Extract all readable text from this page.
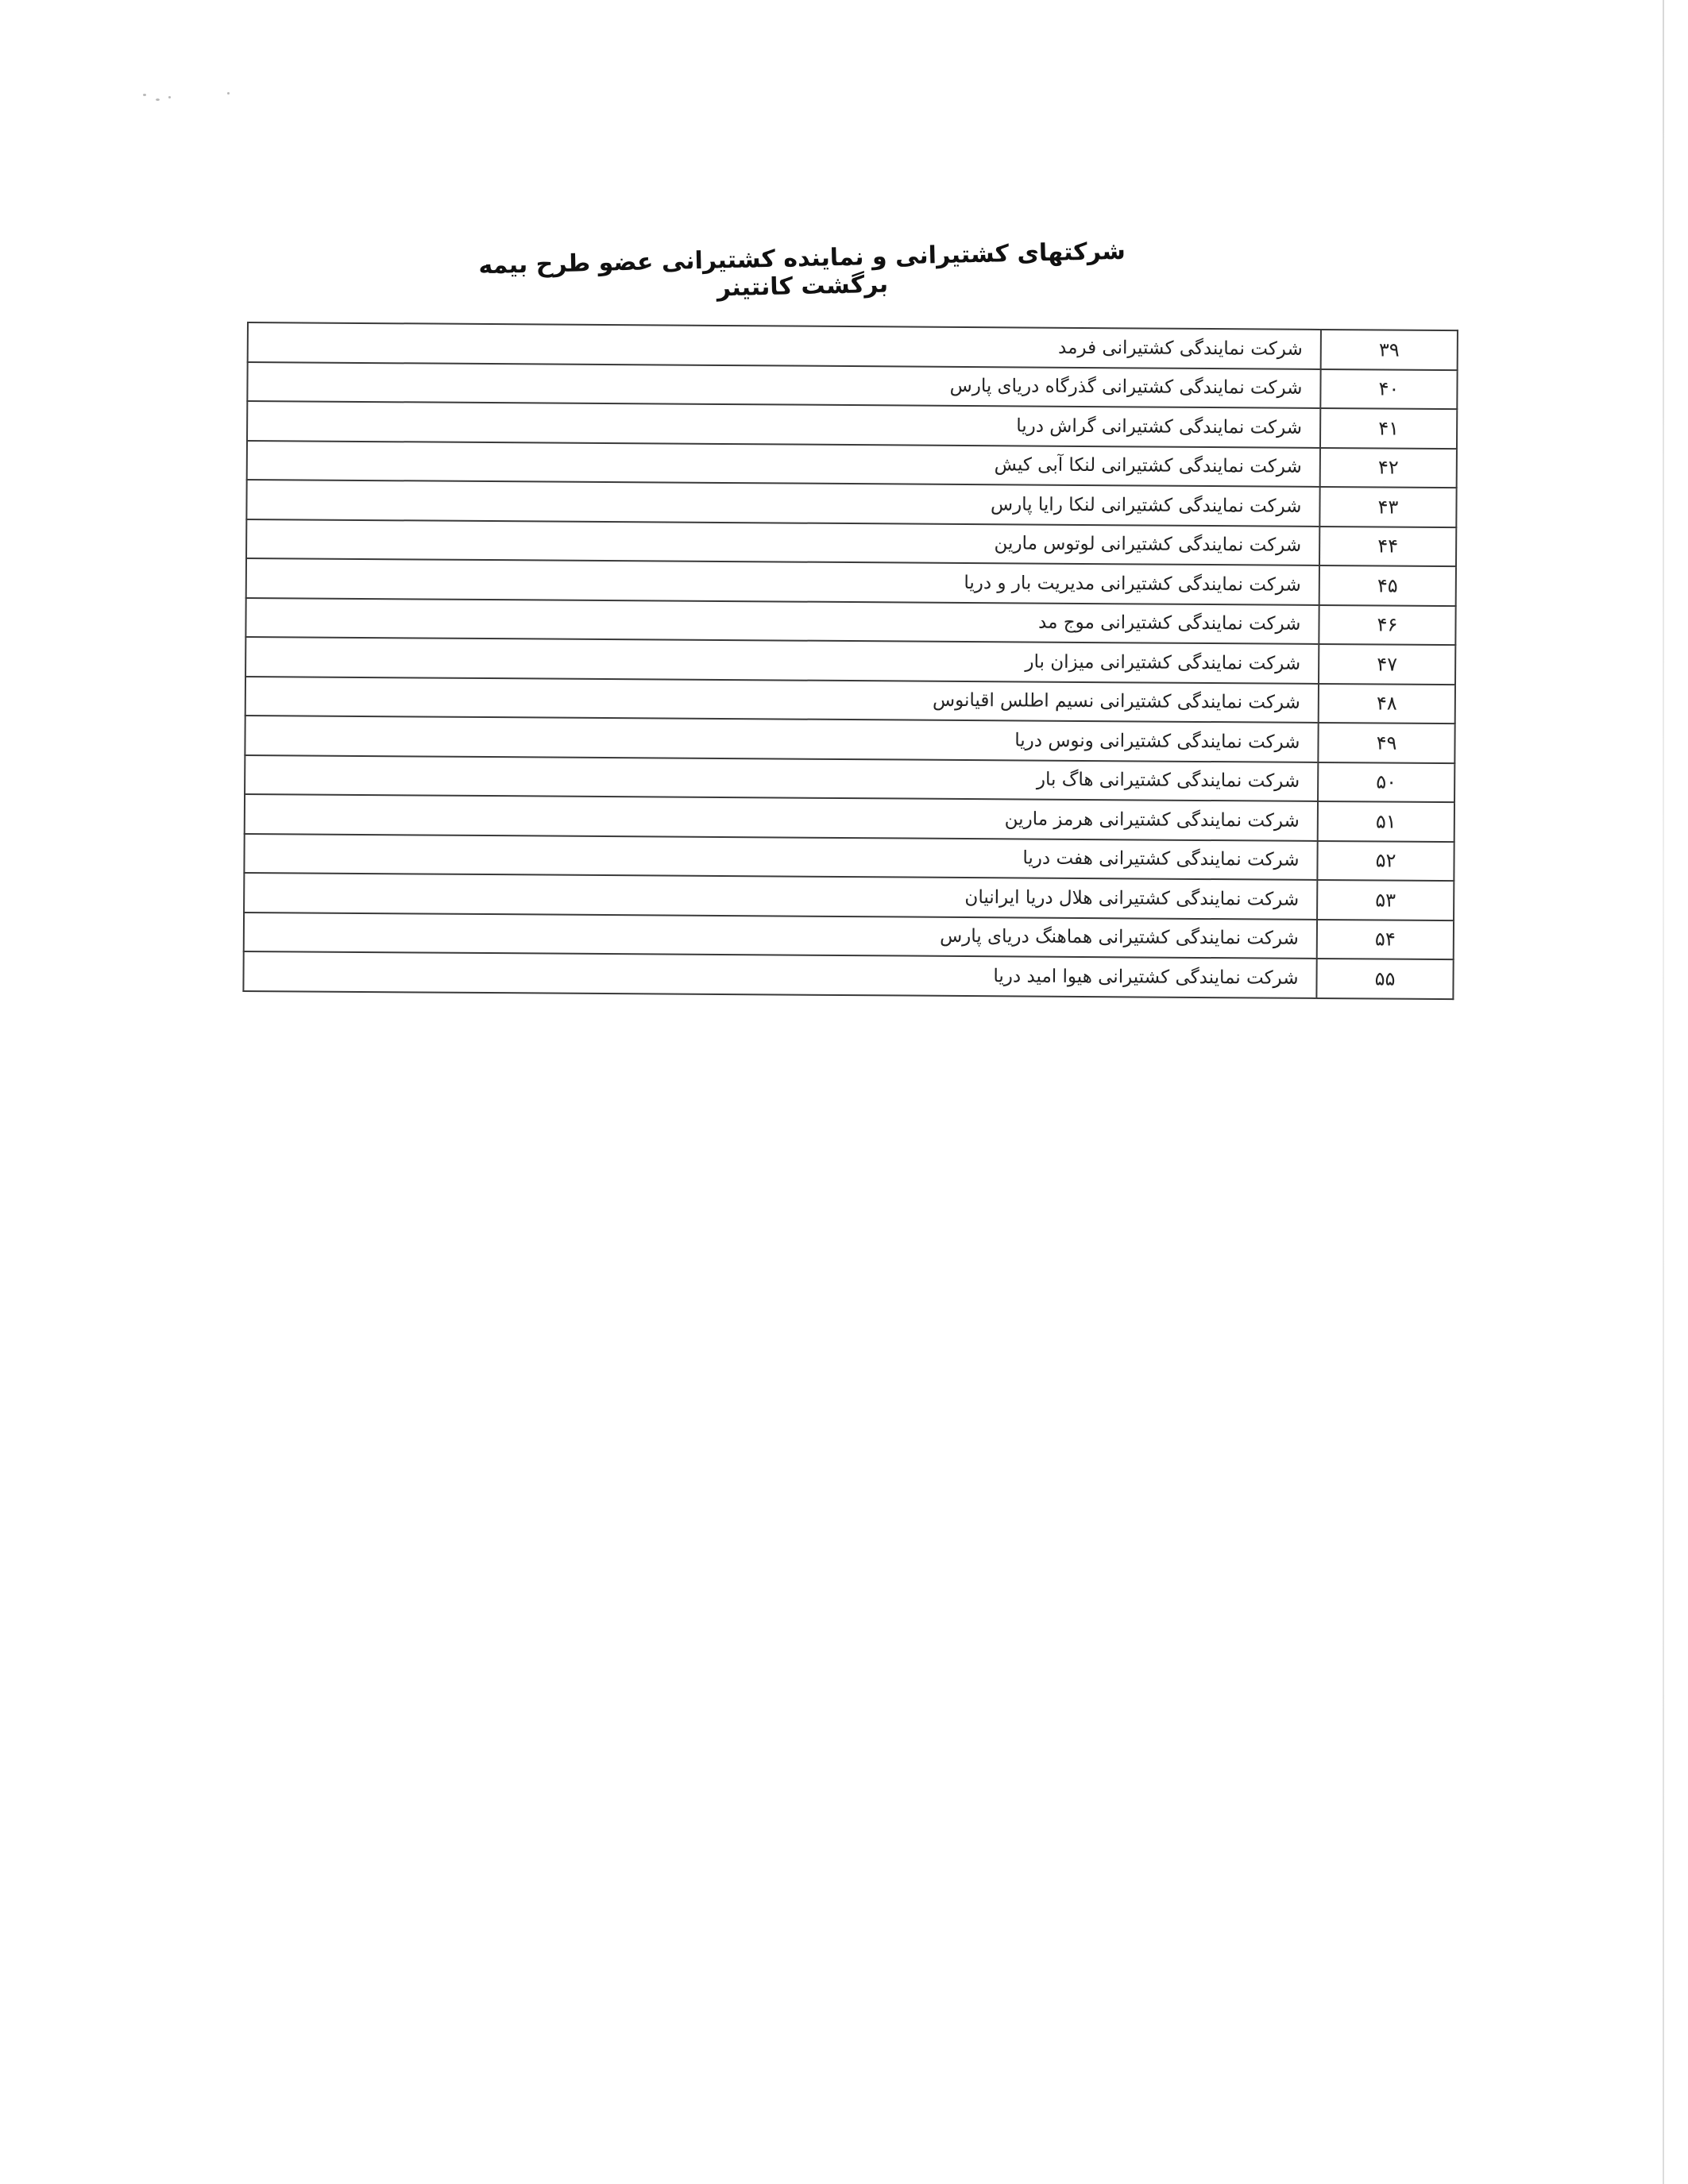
شرکتهای کشتیرانی و نماینده کشتیرانی عضو طرح بیمه برگشت کانتینر
۳۹	شرکت نمایندگی کشتیرانی فرمد
۴۰	شرکت نمایندگی کشتیرانی گذرگاه دریای پارس
۴۱	شرکت نمایندگی کشتیرانی گراش دریا
۴۲	شرکت نمایندگی کشتیرانی لنکا آبی کیش
۴۳	شرکت نمایندگی کشتیرانی لنکا رایا پارس
۴۴	شرکت نمایندگی کشتیرانی لوتوس مارین
۴۵	شرکت نمایندگی کشتیرانی مدیریت بار و دریا
۴۶	شرکت نمایندگی کشتیرانی موج مد
۴۷	شرکت نمایندگی کشتیرانی میزان بار
۴۸	شرکت نمایندگی کشتیرانی نسیم اطلس اقیانوس
۴۹	شرکت نمایندگی کشتیرانی ونوس دریا
۵۰	شرکت نمایندگی کشتیرانی هاگ بار
۵۱	شرکت نمایندگی کشتیرانی هرمز مارین
۵۲	شرکت نمایندگی کشتیرانی هفت دریا
۵۳	شرکت نمایندگی کشتیرانی هلال دریا ایرانیان
۵۴	شرکت نمایندگی کشتیرانی هماهنگ دریای پارس
۵۵	شرکت نمایندگی کشتیرانی هیوا امید دریا
